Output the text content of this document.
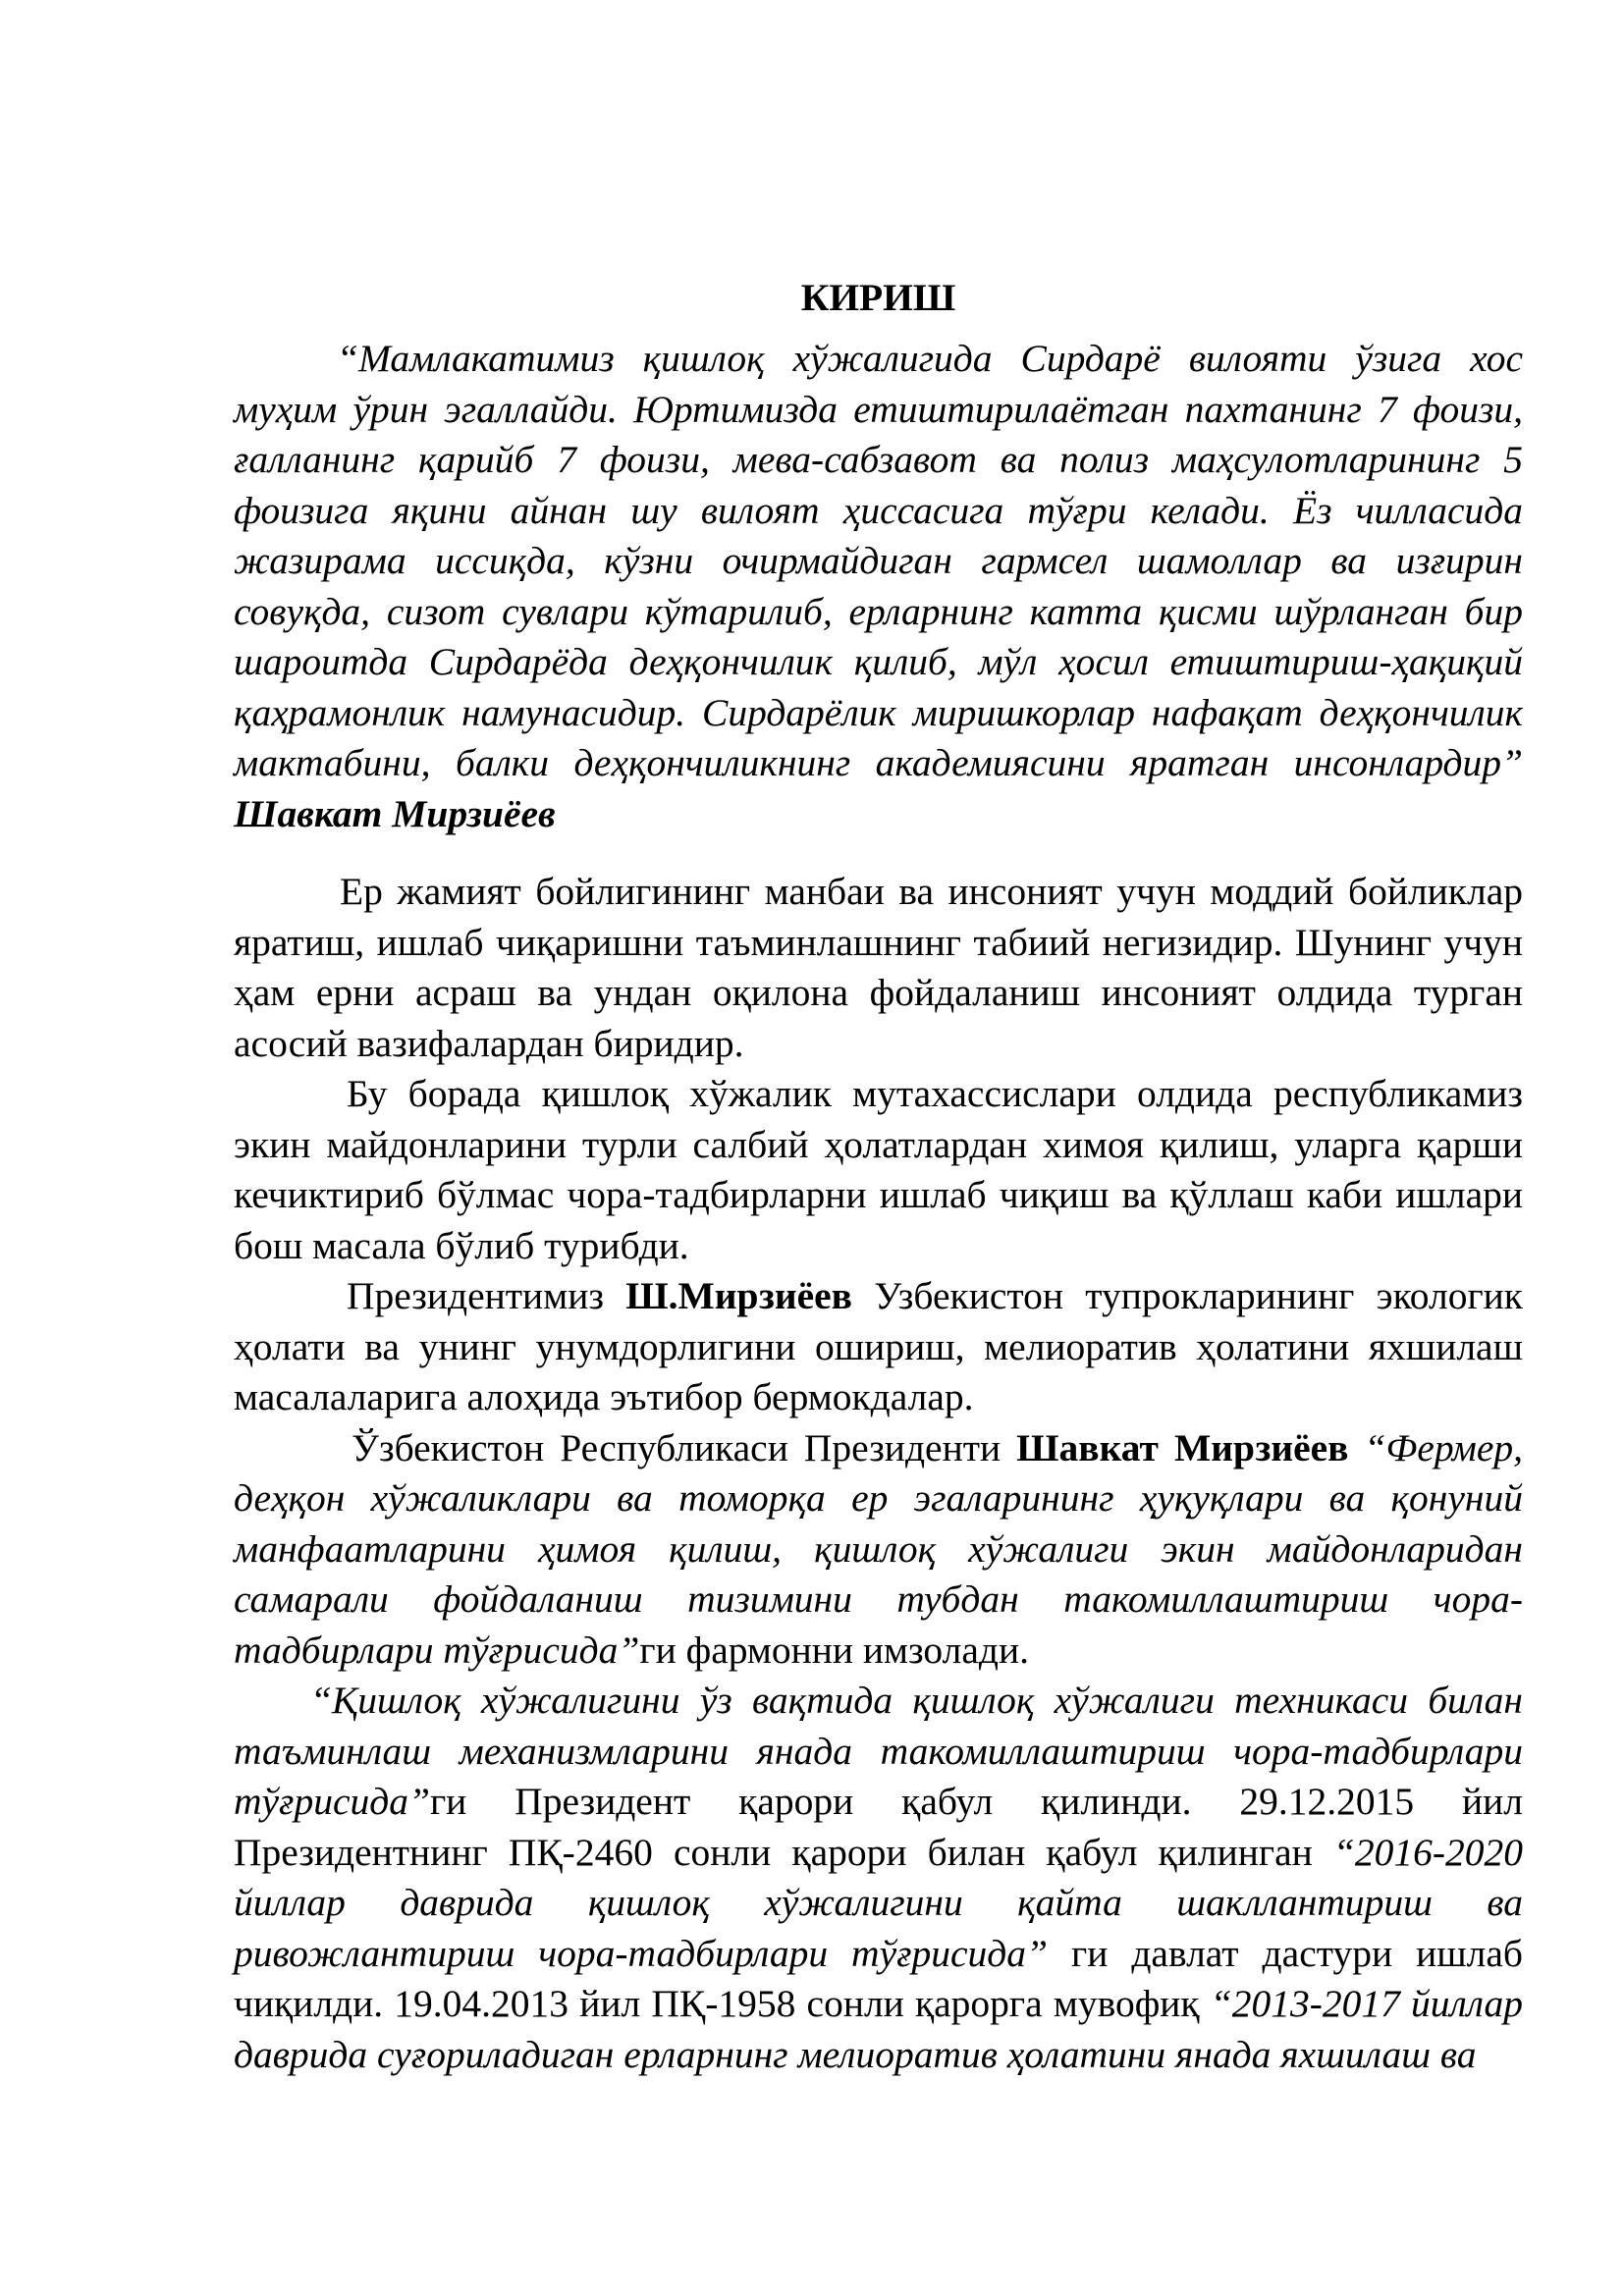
КИРИШ

“Мамлакатимиз қишлоқ хўжалигида Сирдарё вилояти ўзига хос муҳим ўрин эгаллайди. Юртимизда етиштирилаётган пахтанинг 7 фоизи, ғалланинг қарийб 7 фоизи, мева-сабзавот ва полиз маҳсулотларининг 5 фоизига яқини айнан шу вилоят ҳиссасига тўғри келади. Ёз чилласида жазирама иссиқда, кўзни очирмайдиган гармсел шамоллар ва изғирин совуқда, сизот сувлари кўтарилиб, ерларнинг катта қисми шўрланган бир шароитда Сирдарёда деҳқончилик қилиб, мўл ҳосил етиштириш-ҳақиқий қаҳрамонлик намунасидир. Сирдарёлик миришкорлар нафақат деҳқончилик мактабини, балки деҳқончиликнинг академиясини яратган инсонлардир” Шавкат Мирзиёев

Ер жамият бойлигининг манбаи ва инсоният учун моддий бойликлар яратиш, ишлаб чиқаришни таъминлашнинг табиий негизидир. Шунинг учун ҳам ерни асраш ва ундан оқилона фойдаланиш инсоният олдида турган асосий вазифалардан биридир.

Бу борада қишлоқ хўжалик мутахассислари олдида республикамиз экин майдонларини турли салбий ҳолатлардан химоя қилиш, уларга қарши кечиктириб бўлмас чора-тадбирларни ишлаб чиқиш ва қўллаш каби ишлари бош масала бўлиб турибди.

Президентимиз Ш.Мирзиёев Узбекистон тупрокларининг экологик ҳолати ва унинг унумдорлигини ошириш, мелиоратив ҳолатини яхшилаш масалаларига алоҳида эътибор бермокдалар.

Ўзбекистон Республикаси Президенти Шавкат Мирзиёев “Фермер, деҳқон хўжаликлари ва томорқа ер эгаларининг ҳуқуқлари ва қонуний манфаатларини ҳимоя қилиш, қишлоқ хўжалиги экин майдонларидан самарали фойдаланиш тизимини тубдан такомиллаштириш чора-тадбирлари тўғрисида”ги фармонни имзолади.

“Қишлоқ хўжалигини ўз вақтида қишлоқ хўжалиги техникаси билан таъминлаш механизмларини янада такомиллаштириш чора-тадбирлари тўғрисида”ги Президент қарори қабул қилинди. 29.12.2015 йил Президентнинг ПҚ-2460 сонли қарори билан қабул қилинган “2016-2020 йиллар даврида қишлоқ хўжалигини қайта шакллантириш ва ривожлантириш чора-тадбирлари тўғрисида” ги давлат дастури ишлаб чиқилди. 19.04.2013 йил ПҚ-1958 сонли қарорга мувофиқ “2013-2017 йиллар даврида суғориладиган ерларнинг мелиоратив ҳолатини янада яхшилаш ва
